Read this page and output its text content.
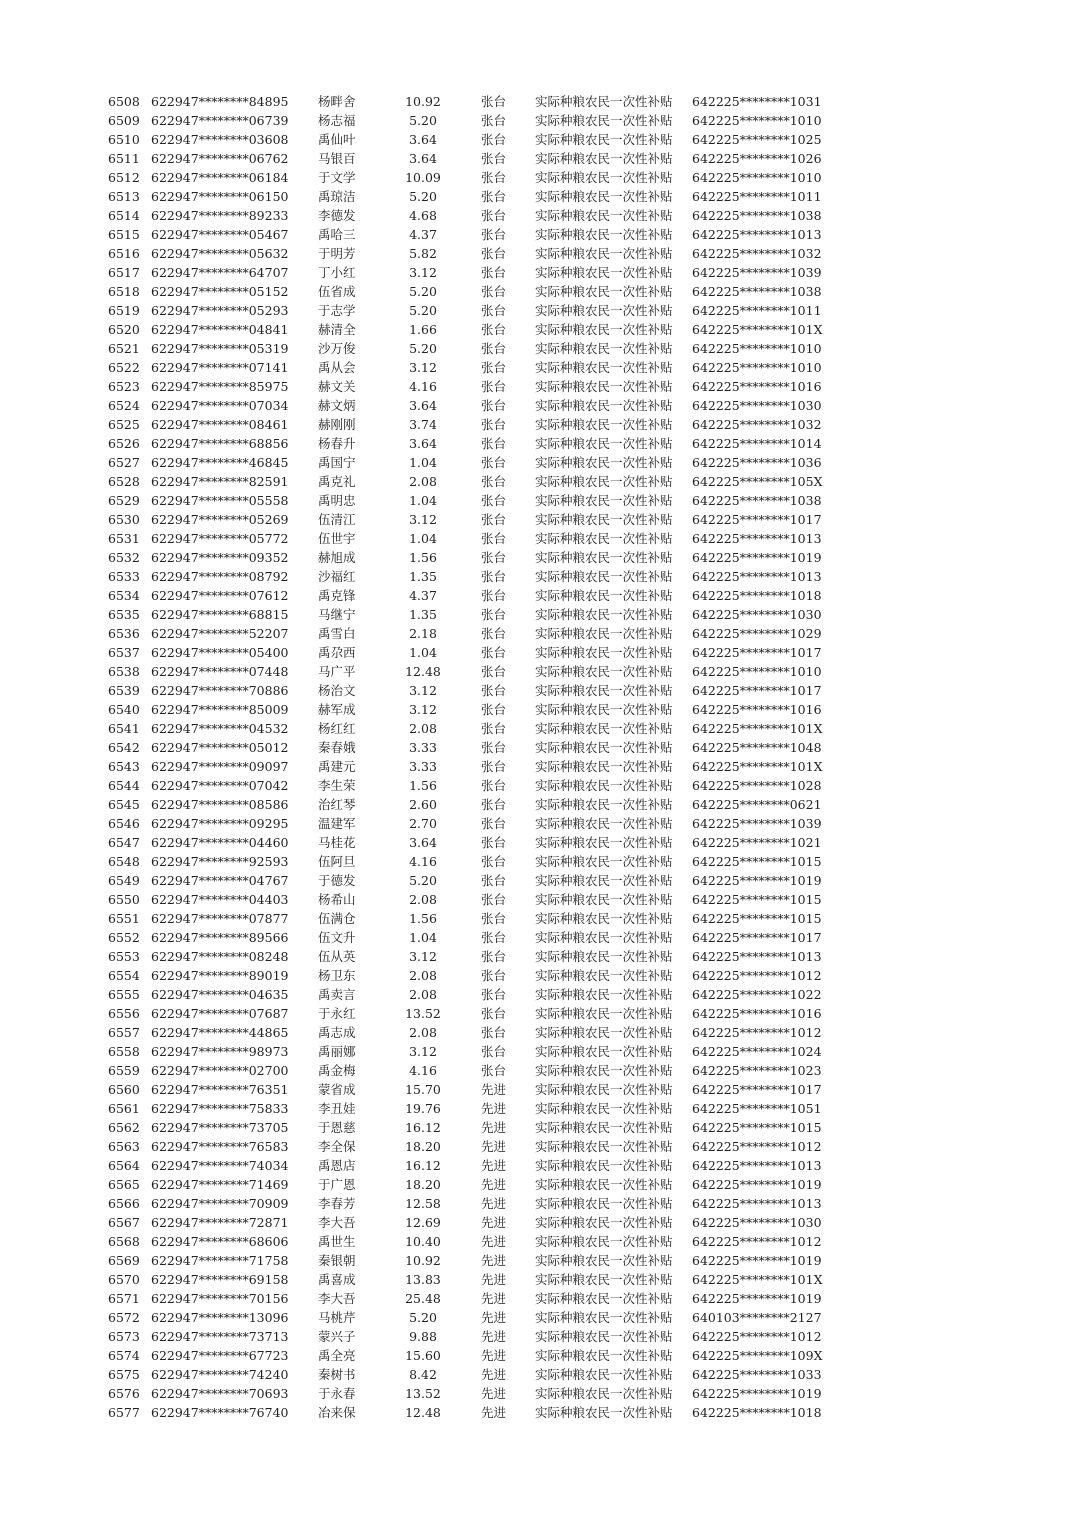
6508 622947********84895	杨畔舍	10.92	张台	实际种粮农民一次性补贴	642225********1031
6509 622947********06739	杨志福	5.20	张台	实际种粮农民一次性补贴	642225********1010
6510 622947********03608	禹仙叶	3.64	张台	实际种粮农民一次性补贴	642225********1025
6511 622947********06762	马银百	3.64	张台	实际种粮农民一次性补贴	642225********1026
6512 622947********06184	于文学	10.09	张台	实际种粮农民一次性补贴	642225********1010
6513 622947********06150	禹琼洁	5.20	张台	实际种粮农民一次性补贴	642225********1011
6514 622947********89233	李德发	4.68	张台	实际种粮农民一次性补贴	642225********1038
6515 622947********05467	禹哈三	4.37	张台	实际种粮农民一次性补贴	642225********1013
6516 622947********05632	于明芳	5.82	张台	实际种粮农民一次性补贴	642225********1032
6517 622947********64707	丁小红	3.12	张台	实际种粮农民一次性补贴	642225********1039
6518 622947********05152	伍省成	5.20	张台	实际种粮农民一次性补贴	642225********1038
6519 622947********05293	于志学	5.20	张台	实际种粮农民一次性补贴	642225********1011
6520 622947********04841	赫清全	1.66	张台	实际种粮农民一次性补贴	642225********101X
6521 622947********05319	沙万俊	5.20	张台	实际种粮农民一次性补贴	642225********1010
6522 622947********07141	禹从会	3.12	张台	实际种粮农民一次性补贴	642225********1010
6523 622947********85975	赫文关	4.16	张台	实际种粮农民一次性补贴	642225********1016
6524 622947********07034	赫文炳	3.64	张台	实际种粮农民一次性补贴	642225********1030
6525 622947********08461	赫刚刚	3.74	张台	实际种粮农民一次性补贴	642225********1032
6526 622947********68856	杨春升	3.64	张台	实际种粮农民一次性补贴	642225********1014
6527 622947********46845	禹国宁	1.04	张台	实际种粮农民一次性补贴	642225********1036
6528 622947********82591	禹克礼	2.08	张台	实际种粮农民一次性补贴	642225********105X
6529 622947********05558	禹明忠	1.04	张台	实际种粮农民一次性补贴	642225********1038
6530 622947********05269	伍清江	3.12	张台	实际种粮农民一次性补贴	642225********1017
6531 622947********05772	伍世宇	1.04	张台	实际种粮农民一次性补贴	642225********1013
6532 622947********09352	赫旭成	1.56	张台	实际种粮农民一次性补贴	642225********1019
6533 622947********08792	沙福红	1.35	张台	实际种粮农民一次性补贴	642225********1013
6534 622947********07612	禹克锋	4.37	张台	实际种粮农民一次性补贴	642225********1018
6535 622947********68815	马继宁	1.35	张台	实际种粮农民一次性补贴	642225********1030
6536 622947********52207	禹雪白	2.18	张台	实际种粮农民一次性补贴	642225********1029
6537 622947********05400	禹尕西	1.04	张台	实际种粮农民一次性补贴	642225********1017
6538 622947********07448	马广平	12.48	张台	实际种粮农民一次性补贴	642225********1010
6539 622947********70886	杨治文	3.12	张台	实际种粮农民一次性补贴	642225********1017
6540 622947********85009	赫军成	3.12	张台	实际种粮农民一次性补贴	642225********1016
6541 622947********04532	杨红红	2.08	张台	实际种粮农民一次性补贴	642225********101X
6542 622947********05012	秦春娥	3.33	张台	实际种粮农民一次性补贴	642225********1048
6543 622947********09097	禹建元	3.33	张台	实际种粮农民一次性补贴	642225********101X
6544 622947********07042	李生荣	1.56	张台	实际种粮农民一次性补贴	642225********1028
6545 622947********08586	治红琴	2.60	张台	实际种粮农民一次性补贴	642225********0621
6546 622947********09295	温建军	2.70	张台	实际种粮农民一次性补贴	642225********1039
6547 622947********04460	马桂花	3.64	张台	实际种粮农民一次性补贴	642225********1021
6548 622947********92593	伍阿旦	4.16	张台	实际种粮农民一次性补贴	642225********1015
6549 622947********04767	于德发	5.20	张台	实际种粮农民一次性补贴	642225********1019
6550 622947********04403	杨希山	2.08	张台	实际种粮农民一次性补贴	642225********1015
6551 622947********07877	伍满仓	1.56	张台	实际种粮农民一次性补贴	642225********1015
6552 622947********89566	伍文升	1.04	张台	实际种粮农民一次性补贴	642225********1017
6553 622947********08248	伍从英	3.12	张台	实际种粮农民一次性补贴	642225********1013
6554 622947********89019	杨卫东	2.08	张台	实际种粮农民一次性补贴	642225********1012
6555 622947********04635	禹卖言	2.08	张台	实际种粮农民一次性补贴	642225********1022
6556 622947********07687	于永红	13.52	张台	实际种粮农民一次性补贴	642225********1016
6557 622947********44865	禹志成	2.08	张台	实际种粮农民一次性补贴	642225********1012
6558 622947********98973	禹丽娜	3.12	张台	实际种粮农民一次性补贴	642225********1024
6559 622947********02700	禹金梅	4.16	张台	实际种粮农民一次性补贴	642225********1023
6560 622947********76351	蒙省成	15.70	先进	实际种粮农民一次性补贴	642225********1017
6561 622947********75833	李丑娃	19.76	先进	实际种粮农民一次性补贴	642225********1051
6562 622947********73705	于恩慈	16.12	先进	实际种粮农民一次性补贴	642225********1015
6563 622947********76583	李全保	18.20	先进	实际种粮农民一次性补贴	642225********1012
6564 622947********74034	禹恩店	16.12	先进	实际种粮农民一次性补贴	642225********1013
6565 622947********71469	于广恩	18.20	先进	实际种粮农民一次性补贴	642225********1019
6566 622947********70909	李春芳	12.58	先进	实际种粮农民一次性补贴	642225********1013
6567 622947********72871	李大吾	12.69	先进	实际种粮农民一次性补贴	642225********1030
6568 622947********68606	禹世生	10.40	先进	实际种粮农民一次性补贴	642225********1012
6569 622947********71758	秦银朝	10.92	先进	实际种粮农民一次性补贴	642225********1019
6570 622947********69158	禹喜成	13.83	先进	实际种粮农民一次性补贴	642225********101X
6571 622947********70156	李大吾	25.48	先进	实际种粮农民一次性补贴	642225********1019
6572 622947********13096	马桃芹	5.20	先进	实际种粮农民一次性补贴	640103********2127
6573 622947********73713	蒙兴子	9.88	先进	实际种粮农民一次性补贴	642225********1012
6574 622947********67723	禹全亮	15.60	先进	实际种粮农民一次性补贴	642225********109X
6575 622947********74240	秦树书	8.42	先进	实际种粮农民一次性补贴	642225********1033
6576 622947********70693	于永春	13.52	先进	实际种粮农民一次性补贴	642225********1019
6577 622947********76740	冶来保	12.48	先进	实际种粮农民一次性补贴	642225********1018
